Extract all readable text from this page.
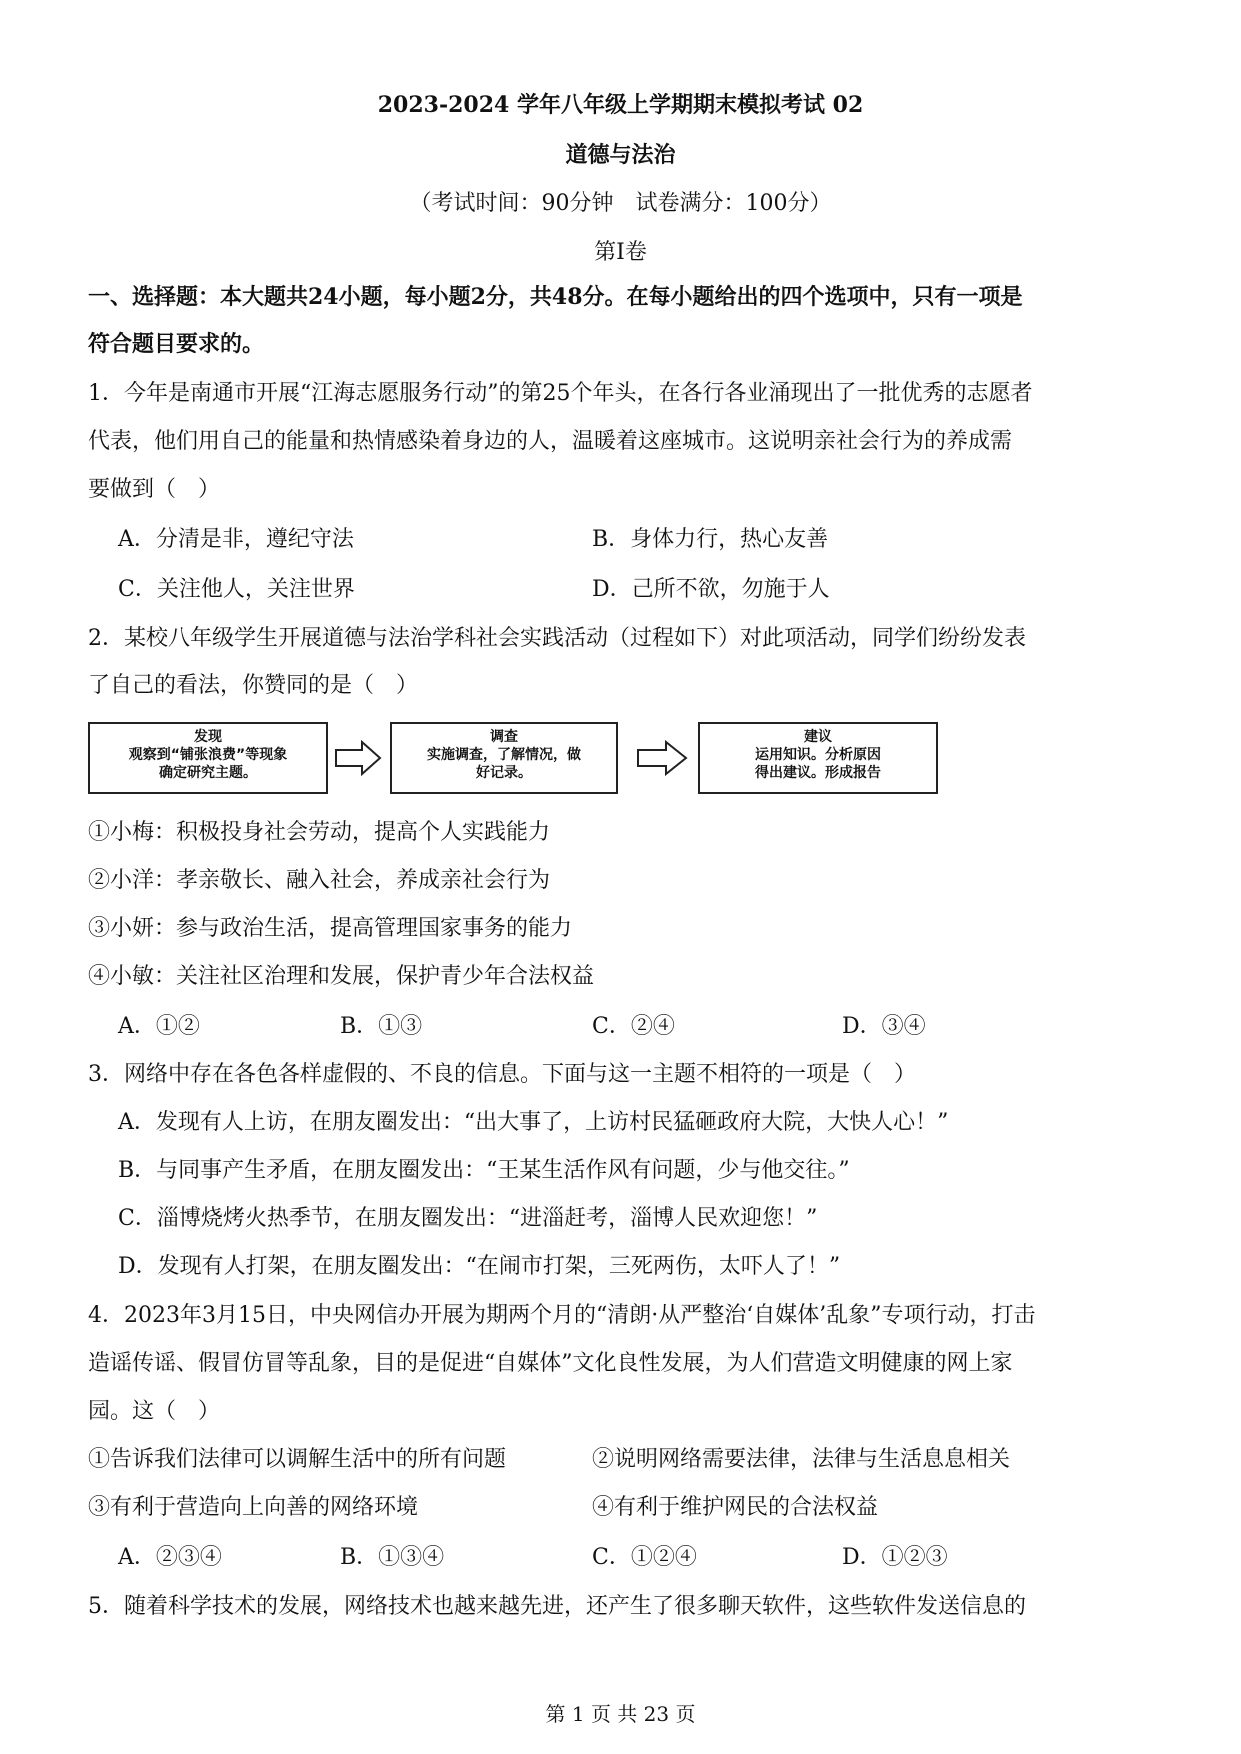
2023-2024 学年八年级上学期期末模拟考试 02
道德与法治
（考试时间：90分钟　试卷满分：100分）
第Ⅰ卷
一、选择题：本大题共24小题，每小题2分，共48分。在每小题给出的四个选项中，只有一项是
符合题目要求的。
1．今年是南通市开展“江海志愿服务行动”的第25个年头，在各行各业涌现出了一批优秀的志愿者
代表，他们用自己的能量和热情感染着身边的人，温暖着这座城市。这说明亲社会行为的养成需
要做到（　）
A．分清是非，遵纪守法	B．身体力行，热心友善
C．关注他人，关注世界	D．己所不欲，勿施于人
2．某校八年级学生开展道德与法治学科社会实践活动（过程如下）对此项活动，同学们纷纷发表
了自己的看法，你赞同的是（　）
发现
观察到“铺张浪费”等现象
确定研究主题。
调查
实施调查，了解情况，做
好记录。
建议
运用知识。分析原因
得出建议。形成报告
①小梅：积极投身社会劳动，提高个人实践能力
②小洋：孝亲敬长、融入社会，养成亲社会行为
③小妍：参与政治生活，提高管理国家事务的能力
④小敏：关注社区治理和发展，保护青少年合法权益
A．①②	B．①③	C．②④	D．③④
3．网络中存在各色各样虚假的、不良的信息。下面与这一主题不相符的一项是（　）
A．发现有人上访，在朋友圈发出：“出大事了，上访村民猛砸政府大院，大快人心！”
B．与同事产生矛盾，在朋友圈发出：“王某生活作风有问题，少与他交往。”
C．淄博烧烤火热季节，在朋友圈发出：“进淄赶考，淄博人民欢迎您！”
D．发现有人打架，在朋友圈发出：“在闹市打架，三死两伤，太吓人了！”
4．2023年3月15日，中央网信办开展为期两个月的“清朗·从严整治‘自媒体’乱象”专项行动，打击
造谣传谣、假冒仿冒等乱象，目的是促进“自媒体”文化良性发展，为人们营造文明健康的网上家
园。这（　）
①告诉我们法律可以调解生活中的所有问题	②说明网络需要法律，法律与生活息息相关
③有利于营造向上向善的网络环境	④有利于维护网民的合法权益
A．②③④	B．①③④	C．①②④	D．①②③
5．随着科学技术的发展，网络技术也越来越先进，还产生了很多聊天软件，这些软件发送信息的
第 1 页 共 23 页
